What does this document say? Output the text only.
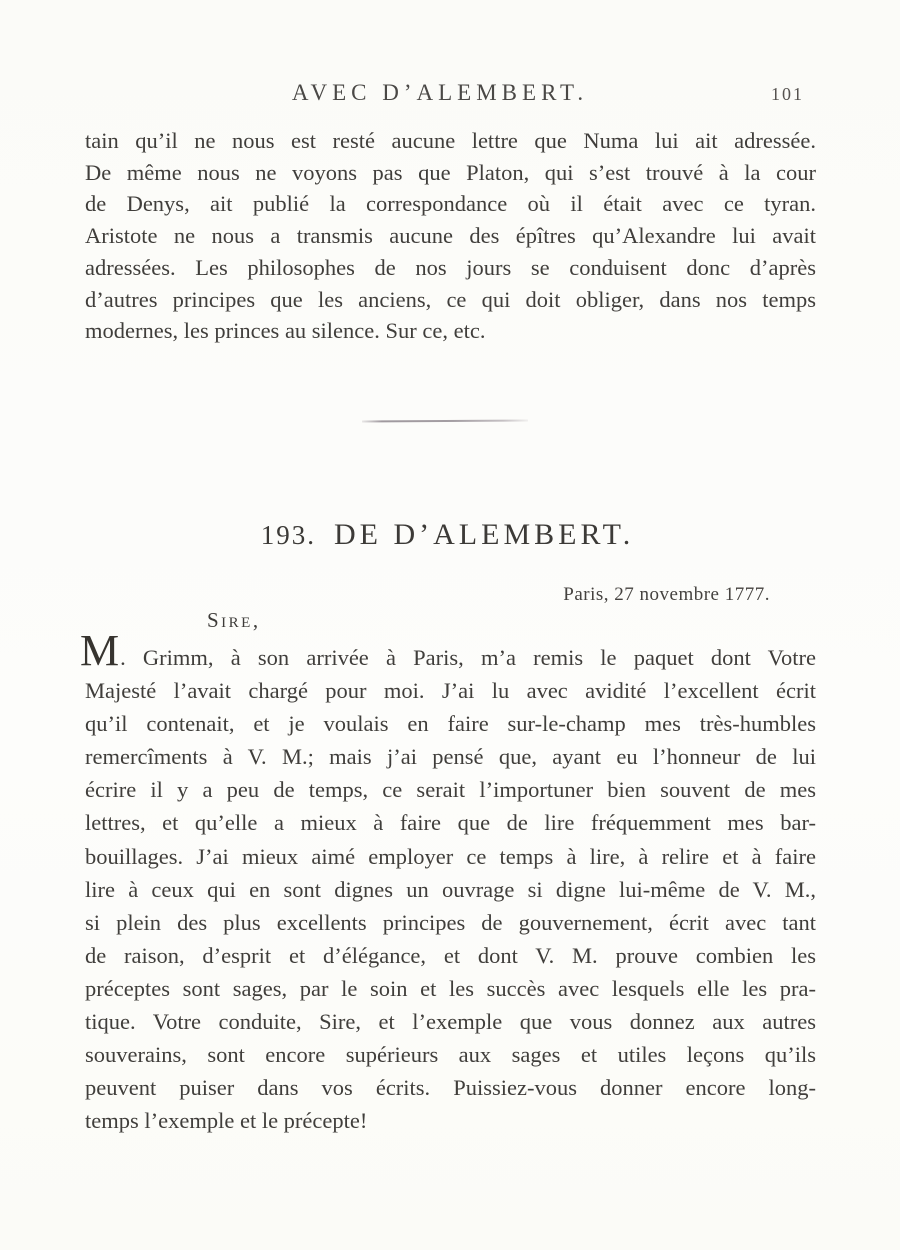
AVEC D’ALEMBERT.	101
tain qu’il ne nous est resté aucune lettre que Numa lui ait adressée.
De même nous ne voyons pas que Platon, qui s’est trouvé à la cour
de Denys, ait publié la correspondance où il était avec ce tyran.
Aristote ne nous a transmis aucune des épîtres qu’Alexandre lui avait
adressées. Les philosophes de nos jours se conduisent donc d’après
d’autres principes que les anciens, ce qui doit obliger, dans nos temps
modernes, les princes au silence. Sur ce, etc.
193. DE D’ALEMBERT.
Paris, 27 novembre 1777.
Sire,
M. Grimm, à son arrivée à Paris, m’a remis le paquet dont Votre
Majesté l’avait chargé pour moi. J’ai lu avec avidité l’excellent écrit
qu’il contenait, et je voulais en faire sur-le-champ mes très-humbles
remercîments à V. M.; mais j’ai pensé que, ayant eu l’honneur de lui
écrire il y a peu de temps, ce serait l’importuner bien souvent de mes
lettres, et qu’elle a mieux à faire que de lire fréquemment mes bar-
bouillages. J’ai mieux aimé employer ce temps à lire, à relire et à faire
lire à ceux qui en sont dignes un ouvrage si digne lui-même de V. M.,
si plein des plus excellents principes de gouvernement, écrit avec tant
de raison, d’esprit et d’élégance, et dont V. M. prouve combien les
préceptes sont sages, par le soin et les succès avec lesquels elle les pra-
tique. Votre conduite, Sire, et l’exemple que vous donnez aux autres
souverains, sont encore supérieurs aux sages et utiles leçons qu’ils
peuvent puiser dans vos écrits. Puissiez-vous donner encore long-
temps l’exemple et le précepte!
